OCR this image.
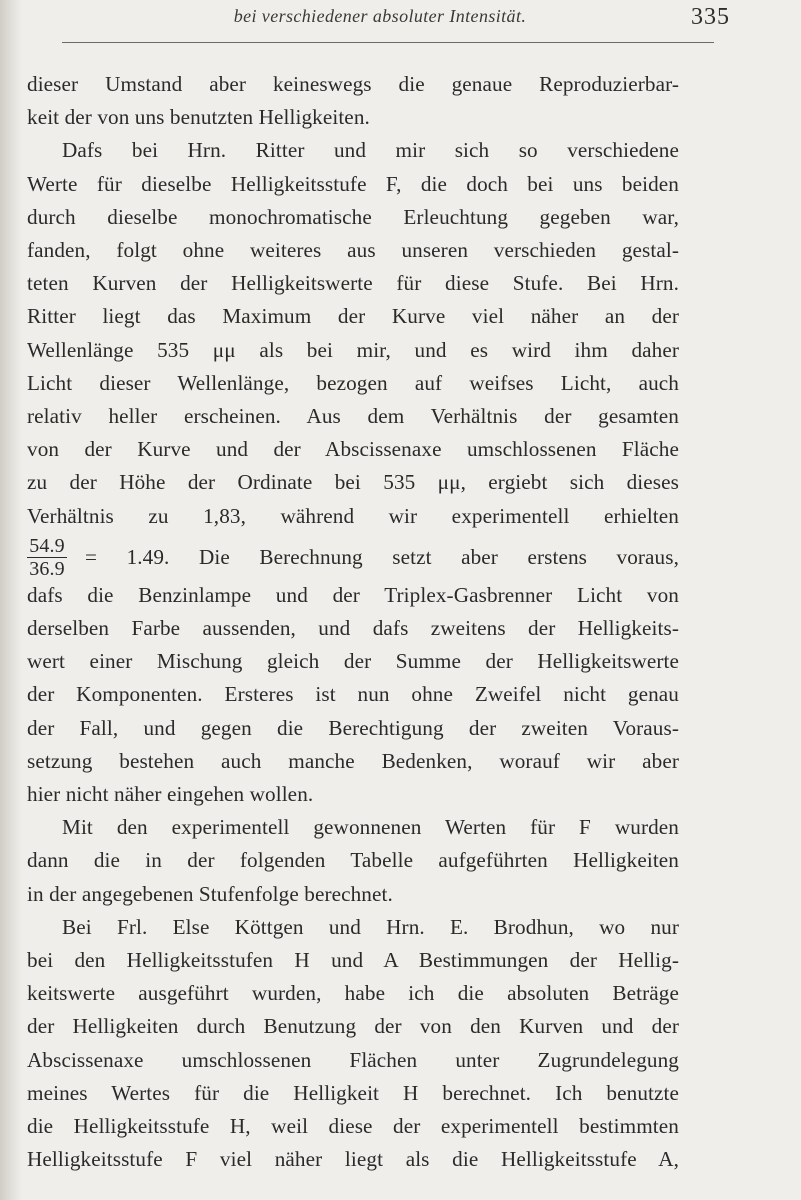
bei verschiedener absoluter Intensität.	335
dieser Umstand aber keineswegs die genaue Reproduzierbar-
keit der von uns benutzten Helligkeiten.
Dafs bei Hrn. Ritter und mir sich so verschiedene
Werte für dieselbe Helligkeitsstufe F, die doch bei uns beiden
durch dieselbe monochromatische Erleuchtung gegeben war,
fanden, folgt ohne weiteres aus unseren verschieden gestal-
teten Kurven der Helligkeitswerte für diese Stufe. Bei Hrn.
Ritter liegt das Maximum der Kurve viel näher an der
Wellenlänge 535 μμ als bei mir, und es wird ihm daher
Licht dieser Wellenlänge, bezogen auf weifses Licht, auch
relativ heller erscheinen. Aus dem Verhältnis der gesamten
von der Kurve und der Abscissenaxe umschlossenen Fläche
zu der Höhe der Ordinate bei 535 μμ, ergiebt sich dieses
Verhältnis zu 1,83, während wir experimentell erhielten
$\frac{54.9}{36.9} = 1.49$. Die Berechnung setzt aber erstens voraus,
dafs die Benzinlampe und der Triplex-Gasbrenner Licht von
derselben Farbe aussenden, und dafs zweitens der Helligkeits-
wert einer Mischung gleich der Summe der Helligkeitswerte
der Komponenten. Ersteres ist nun ohne Zweifel nicht genau
der Fall, und gegen die Berechtigung der zweiten Voraus-
setzung bestehen auch manche Bedenken, worauf wir aber
hier nicht näher eingehen wollen.
Mit den experimentell gewonnenen Werten für F wurden
dann die in der folgenden Tabelle aufgeführten Helligkeiten
in der angegebenen Stufenfolge berechnet.
Bei Frl. Else Köttgen und Hrn. E. Brodhun, wo nur
bei den Helligkeitsstufen H und A Bestimmungen der Hellig-
keitswerte ausgeführt wurden, habe ich die absoluten Beträge
der Helligkeiten durch Benutzung der von den Kurven und der
Abscissenaxe umschlossenen Flächen unter Zugrundelegung
meines Wertes für die Helligkeit H berechnet. Ich benutzte
die Helligkeitsstufe H, weil diese der experimentell bestimmten
Helligkeitsstufe F viel näher liegt als die Helligkeitsstufe A,
